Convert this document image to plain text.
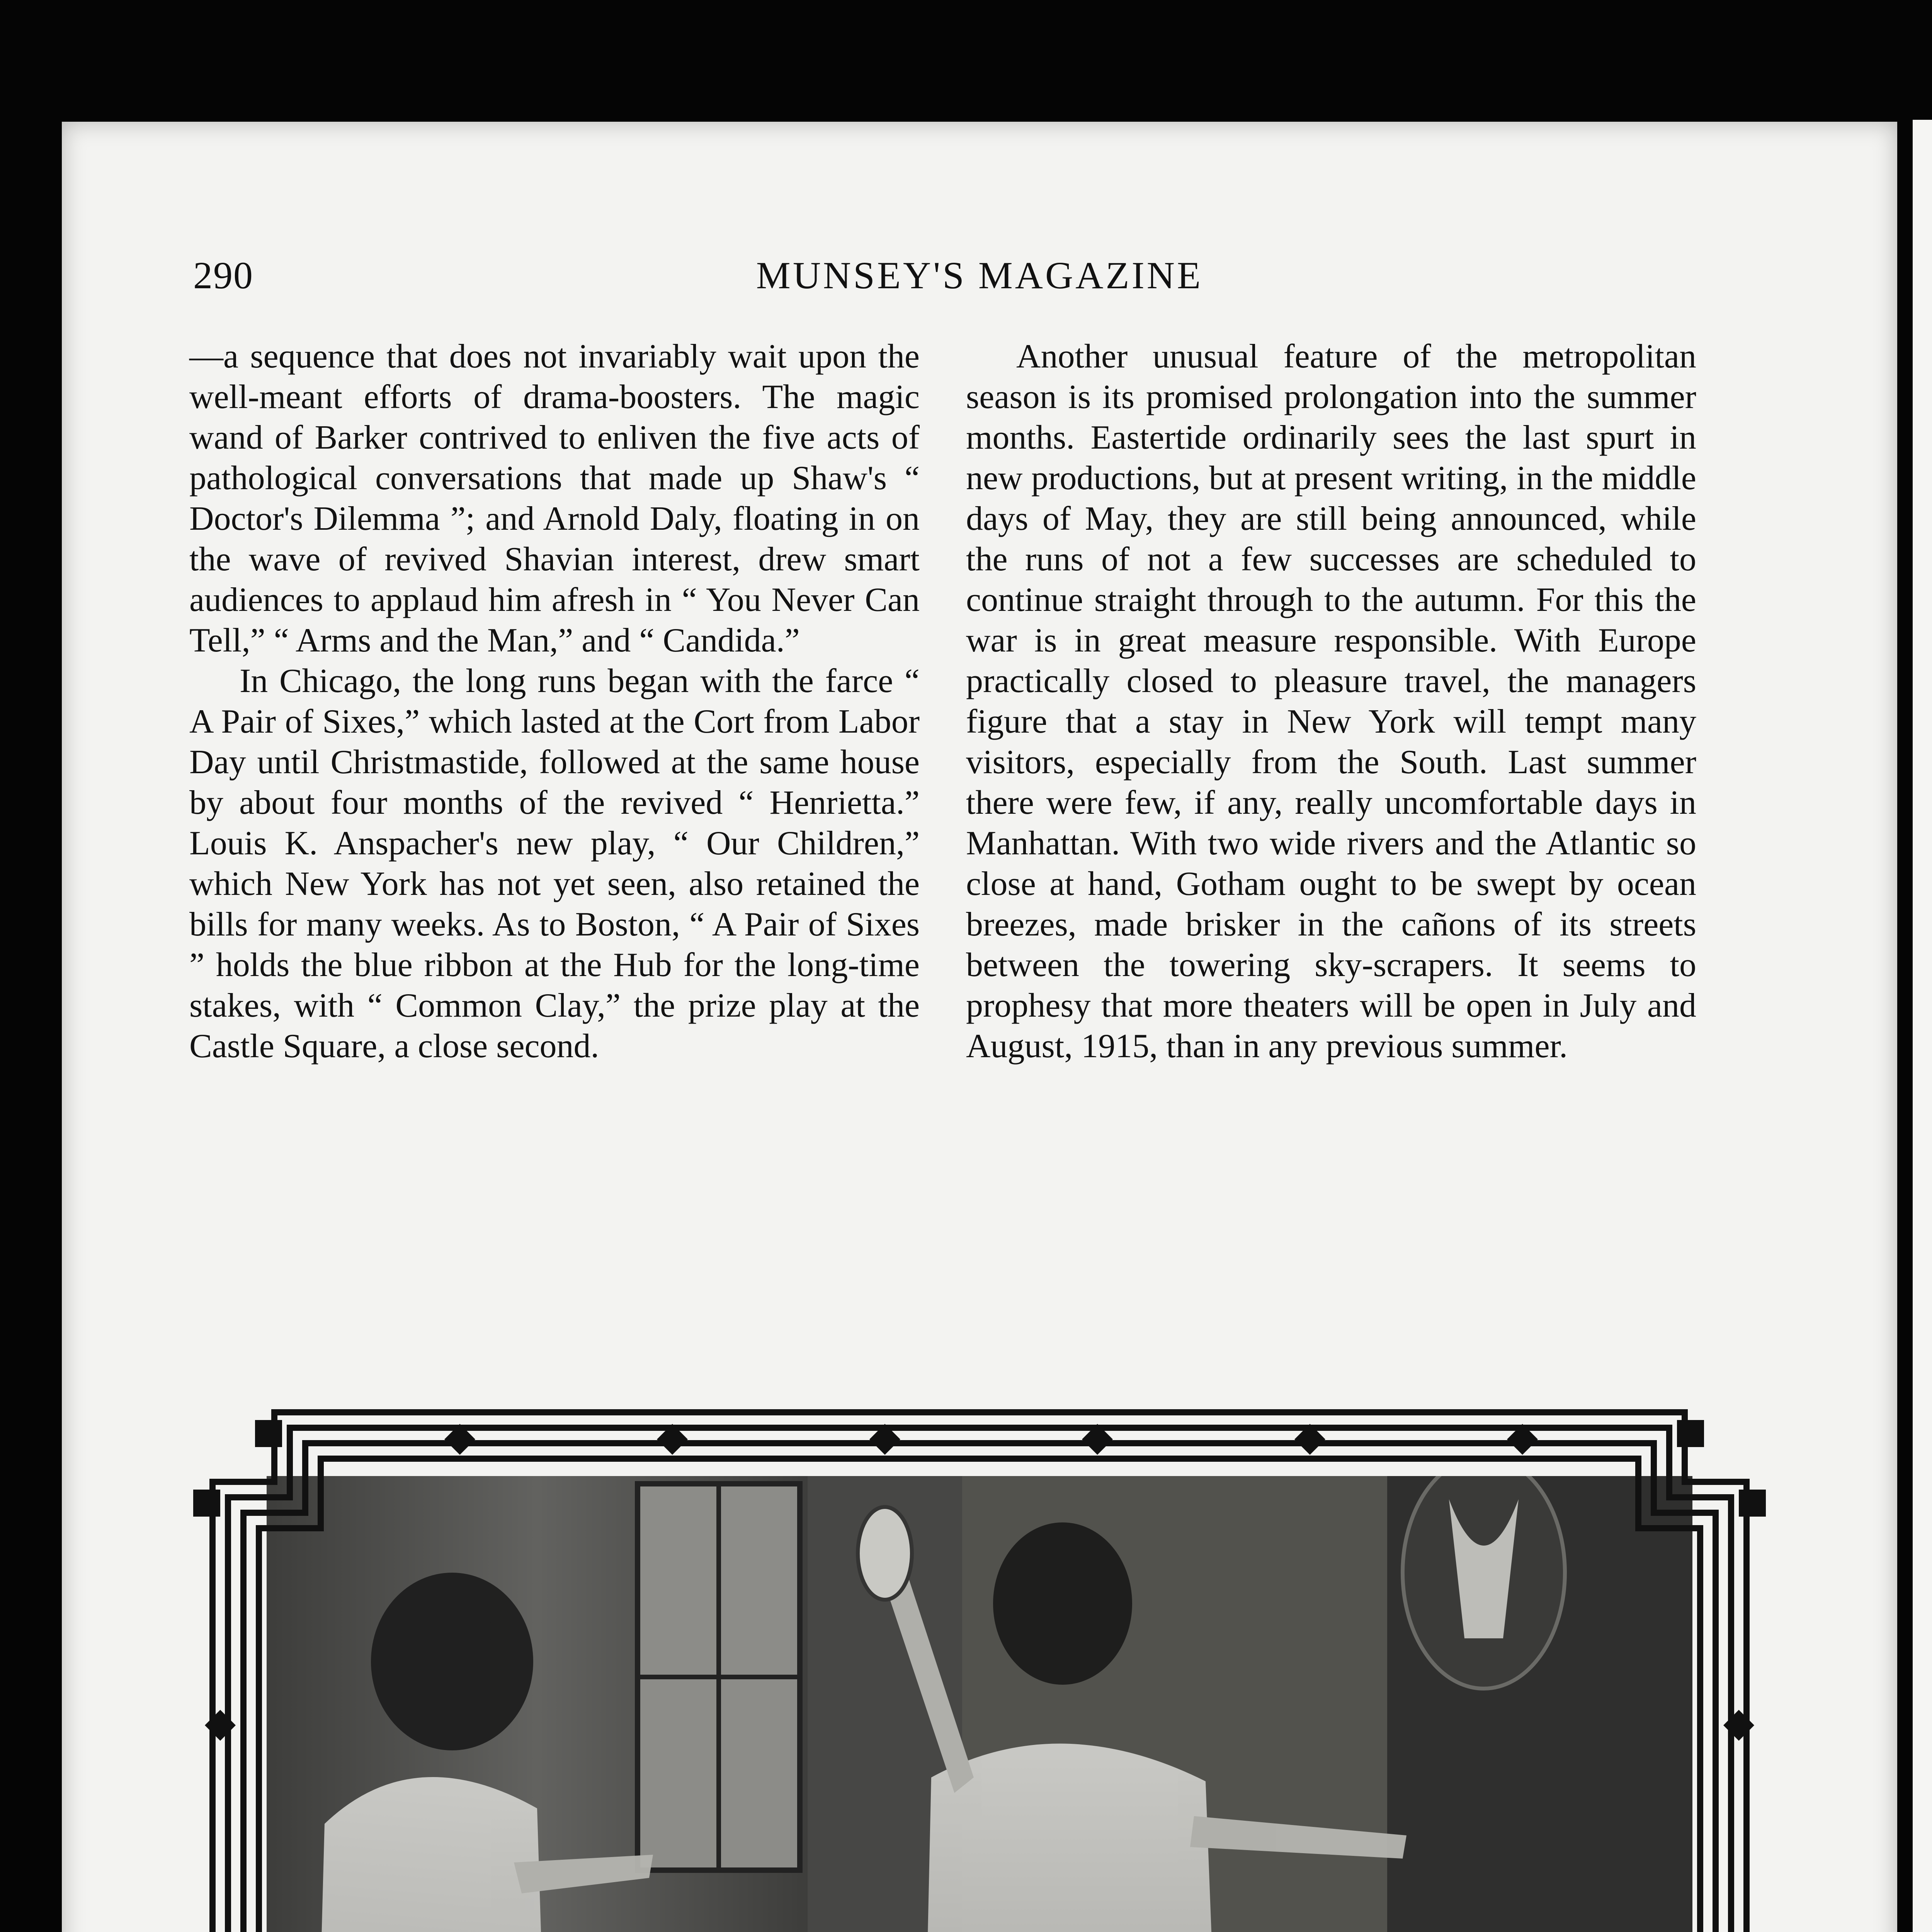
290	MUNSEY'S MAGAZINE

—a sequence that does not invariably wait upon the well-meant efforts of drama-boosters. The magic wand of Barker contrived to enliven the five acts of pathological conversations that made up Shaw's “ Doctor's Dilemma ”; and Arnold Daly, floating in on the wave of revived Shavian interest, drew smart audiences to applaud him afresh in “ You Never Can Tell,” “ Arms and the Man,” and “ Candida.”

In Chicago, the long runs began with the farce “ A Pair of Sixes,” which lasted at the Cort from Labor Day until Christmastide, followed at the same house by about four months of the revived “ Henrietta.” Louis K. Anspacher's new play, “ Our Children,” which New York has not yet seen, also retained the bills for many weeks. As to Boston, “ A Pair of Sixes ” holds the blue ribbon at the Hub for the long-time stakes, with “ Common Clay,” the prize play at the Castle Square, a close second.

Another unusual feature of the metropolitan season is its promised prolongation into the summer months. Eastertide ordinarily sees the last spurt in new productions, but at present writing, in the middle days of May, they are still being announced, while the runs of not a few successes are scheduled to continue straight through to the autumn. For this the war is in great measure responsible. With Europe practically closed to pleasure travel, the managers figure that a stay in New York will tempt many visitors, especially from the South. Last summer there were few, if any, really uncomfortable days in Manhattan. With two wide rivers and the Atlantic so close at hand, Gotham ought to be swept by ocean breezes, made brisker in the cañons of its streets between the towering sky-scrapers. It seems to prophesy that more theaters will be open in July and August, 1915, than in any previous summer.
